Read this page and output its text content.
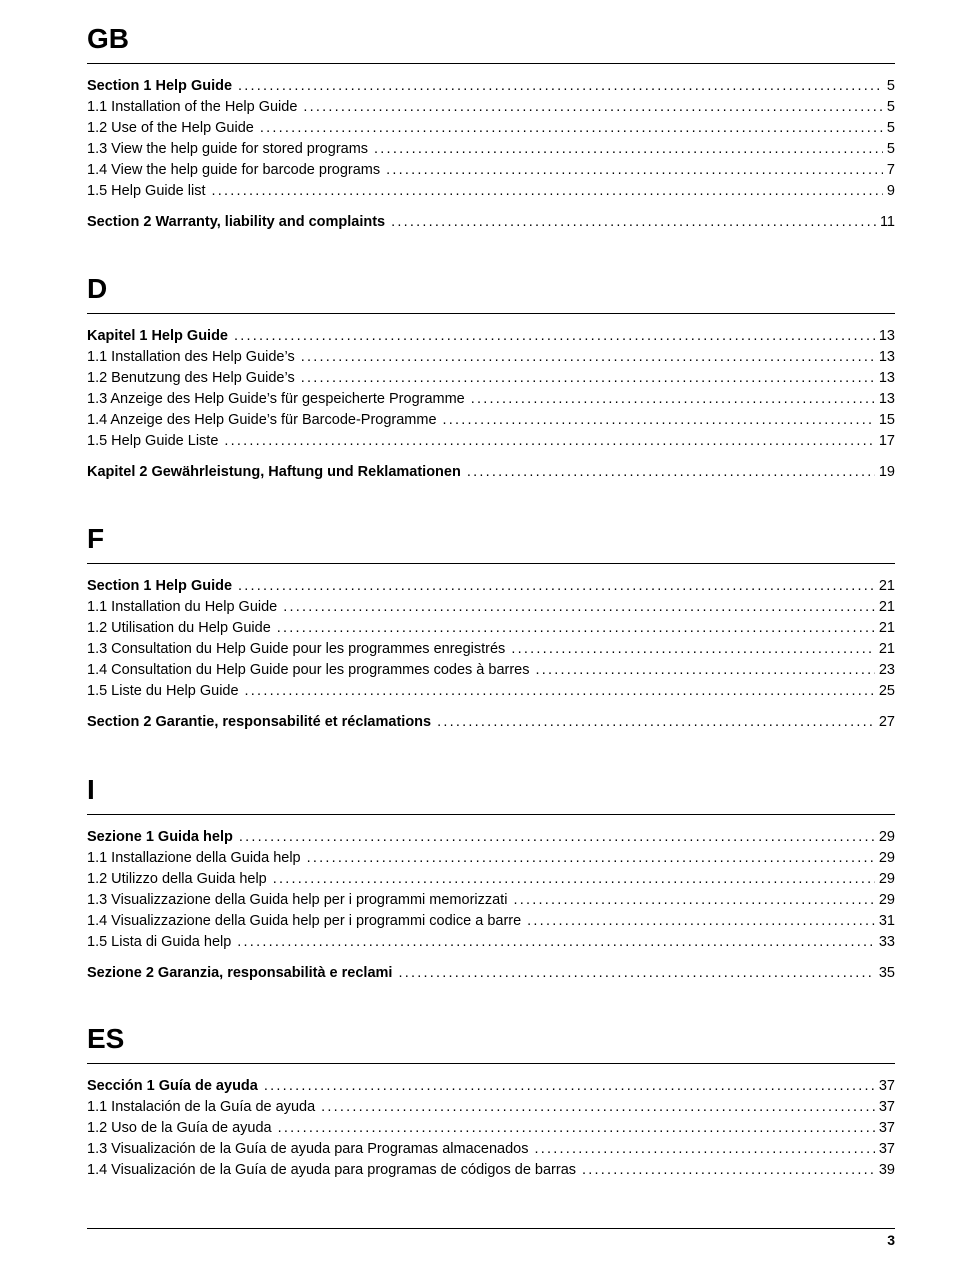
GB
Section 1 Help Guide . . .	5
1.1 Installation of the Help Guide . . .	5
1.2 Use of the Help Guide . . .	5
1.3 View the help guide for stored programs . . .	5
1.4 View the help guide for barcode programs . . .	7
1.5 Help Guide list . . .	9
Section 2 Warranty, liability and complaints . . .	11
D
Kapitel 1 Help Guide . . .	13
1.1 Installation des Help Guide’s . . .	13
1.2 Benutzung des Help Guide’s . . .	13
1.3 Anzeige des Help Guide’s für gespeicherte Programme . . .	13
1.4 Anzeige des Help Guide’s für Barcode-Programme . . .	15
1.5 Help Guide Liste . . .	17
Kapitel 2 Gewährleistung, Haftung und Reklamationen . . .	19
F
Section 1 Help Guide . . .	21
1.1 Installation du Help Guide . . .	21
1.2 Utilisation du Help Guide . . .	21
1.3 Consultation du Help Guide pour les programmes enregistrés . . .	21
1.4 Consultation du Help Guide pour les programmes codes à barres . . .	23
1.5 Liste du Help Guide . . .	25
Section 2 Garantie, responsabilité et réclamations . . .	27
I
Sezione 1 Guida help . . .	29
1.1 Installazione della Guida help . . .	29
1.2 Utilizzo della Guida help . . .	29
1.3 Visualizzazione della Guida help per i programmi memorizzati . . .	29
1.4 Visualizzazione della Guida help per i programmi codice a barre . . .	31
1.5 Lista di Guida help . . .	33
Sezione 2 Garanzia, responsabilità e reclami . . .	35
ES
Sección 1 Guía de ayuda . . .	37
1.1 Instalación de la Guía de ayuda . . .	37
1.2 Uso de la Guía de ayuda . . .	37
1.3 Visualización de la Guía de ayuda para Programas almacenados . . .	37
1.4 Visualización de la Guía de ayuda para programas de códigos de barras . . .	39
3
